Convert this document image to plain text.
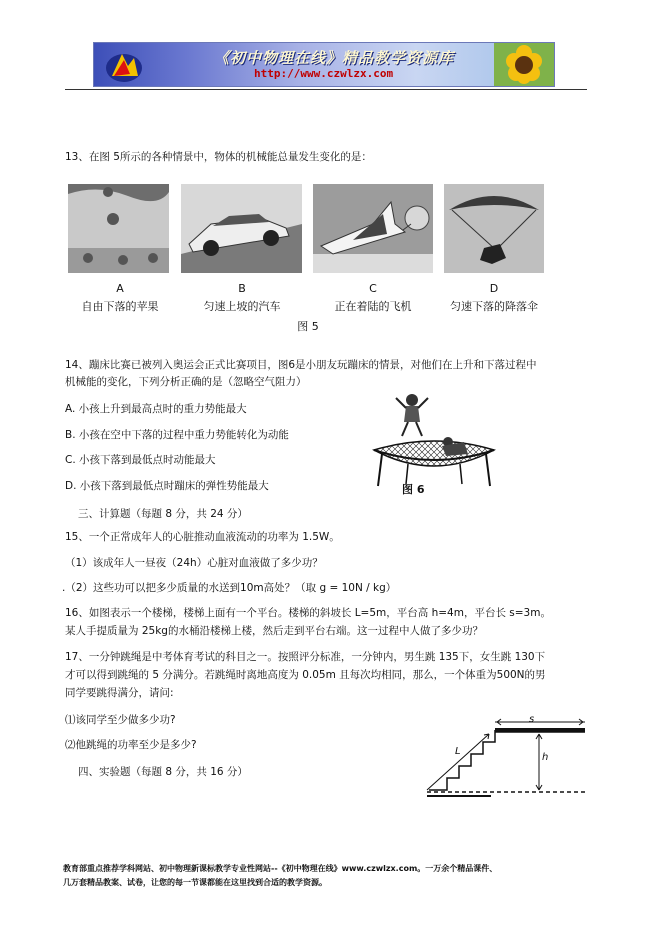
《初中物理在线》精品教学资源库
http://www.czwlzx.com
13、在图 5所示的各种情景中，物体的机械能总量发生变化的是：
A	B	C	D
自由下落的苹果	匀速上坡的汽车	正在着陆的飞机	匀速下落的降落伞
图 5
14、蹦床比赛已被列入奥运会正式比赛项目，图6是小朋友玩蹦床的情景，对他们在上升和下落过程中
机械能的变化，下列分析正确的是（忽略空气阻力）
A. 小孩上升到最高点时的重力势能最大
B. 小孩在空中下落的过程中重力势能转化为动能
C. 小孩下落到最低点时动能最大
D. 小孩下落到最低点时蹦床的弹性势能最大	图 6
三、计算题（每题 8 分，共 24 分）
15、一个正常成年人的心脏推动血液流动的功率为 1.5W。
（1）该成年人一昼夜（24h）心脏对血液做了多少功？
.（2）这些功可以把多少质量的水送到10m高处？（取 g = 10N / kg）
16、如图表示一个楼梯，楼梯上面有一个平台。楼梯的斜坡长 L=5m，平台高 h=4m，平台长 s=3m。
某人手提质量为 25kg的水桶沿楼梯上楼，然后走到平台右端。这一过程中人做了多少功？
17、一分钟跳绳是中考体育考试的科目之一。按照评分标准，一分钟内，男生跳 135下，女生跳 130下
才可以得到跳绳的 5 分满分。若跳绳时离地高度为 0.05m 且每次均相同，那么，一个体重为500N的男
同学要跳得满分，请问:
⑴该同学至少做多少功?
⑵他跳绳的功率至少是多少?
四、实验题（每题 8 分，共 16 分）
s
L
h
教育部重点推荐学科网站、初中物理新课标教学专业性网站--《初中物理在线》www.czwlzx.com。一万余个精品课件、
几万套精品教案、试卷，让您的每一节课都能在这里找到合适的教学资源。
